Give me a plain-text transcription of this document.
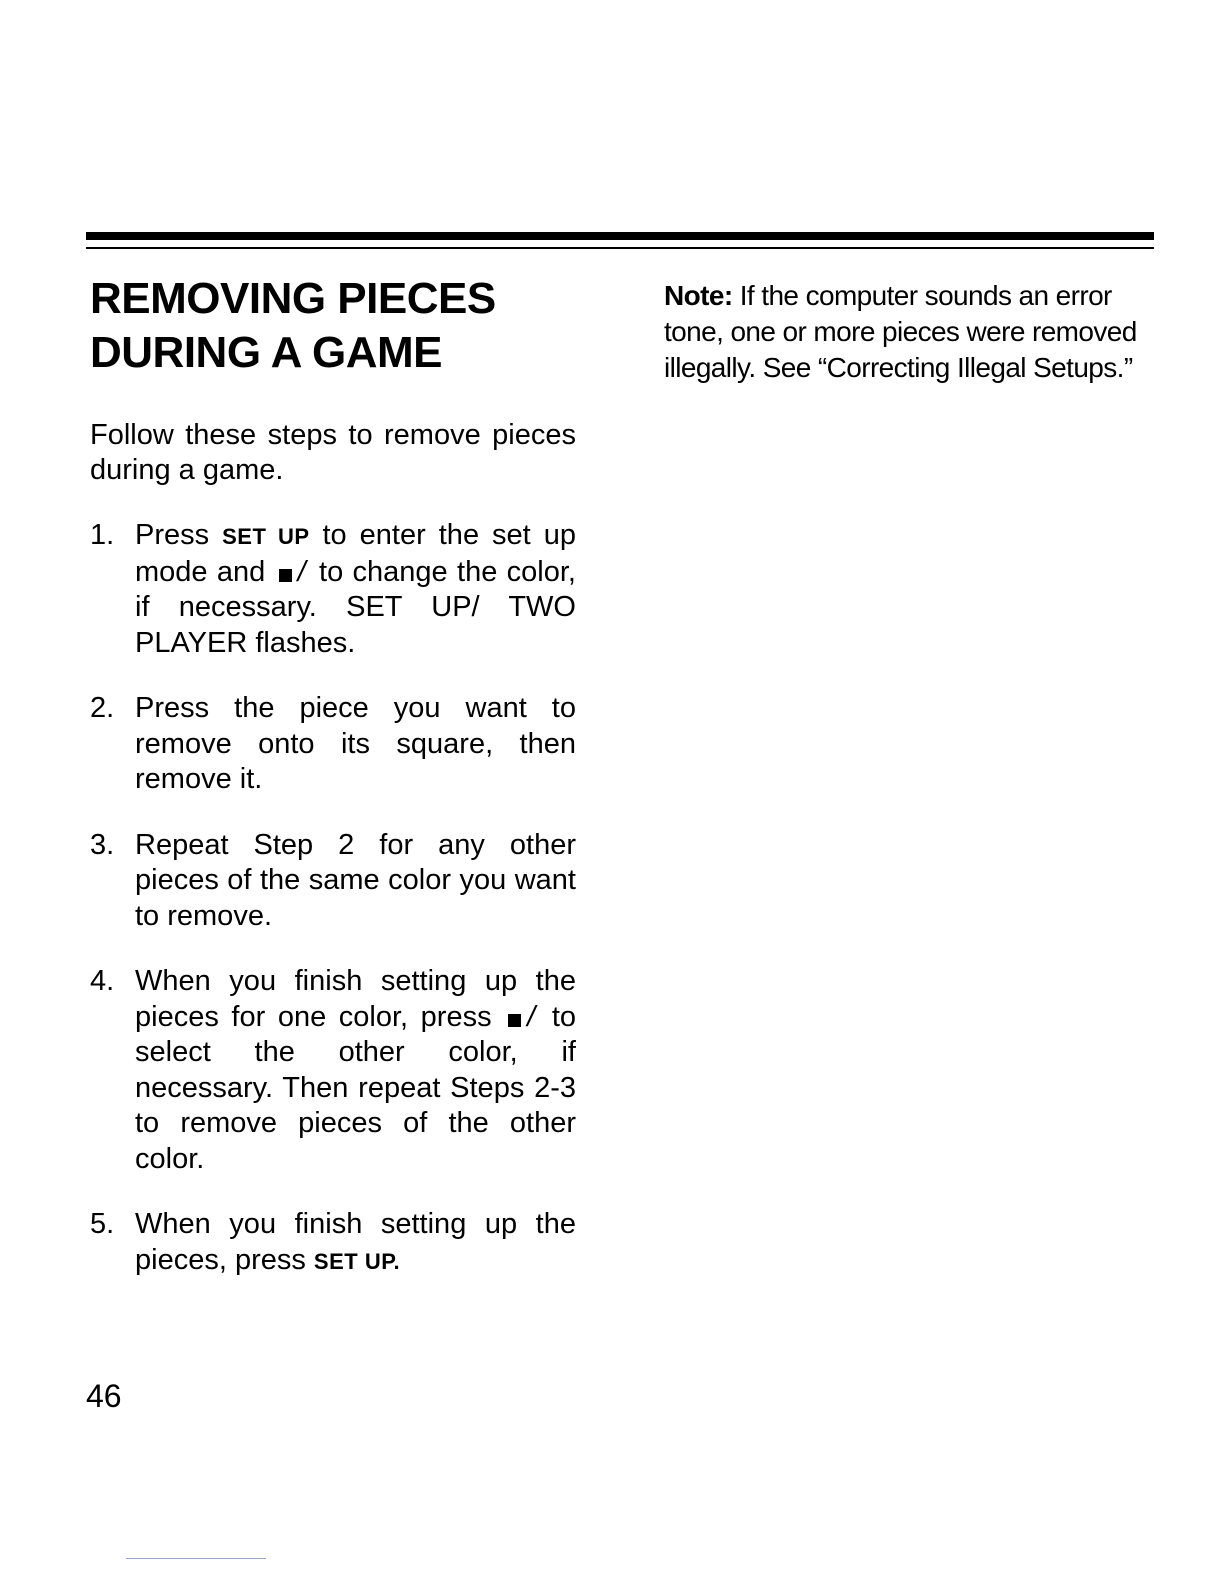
REMOVING PIECES
DURING A GAME

Follow these steps to remove pieces during a game.

1. Press SET UP to enter the set up mode and / to change the color, if necessary. SET UP/ TWO PLAYER flashes.
2. Press the piece you want to remove onto its square, then remove it.
3. Repeat Step 2 for any other pieces of the same color you want to remove.
4. When you finish setting up the pieces for one color, press / to select the other color, if necessary. Then repeat Steps 2-3 to remove pieces of the other color.
5. When you finish setting up the pieces, press SET UP.
Note: If the computer sounds an error tone, one or more pieces were removed illegally. See “Correcting Illegal Setups.”
46
